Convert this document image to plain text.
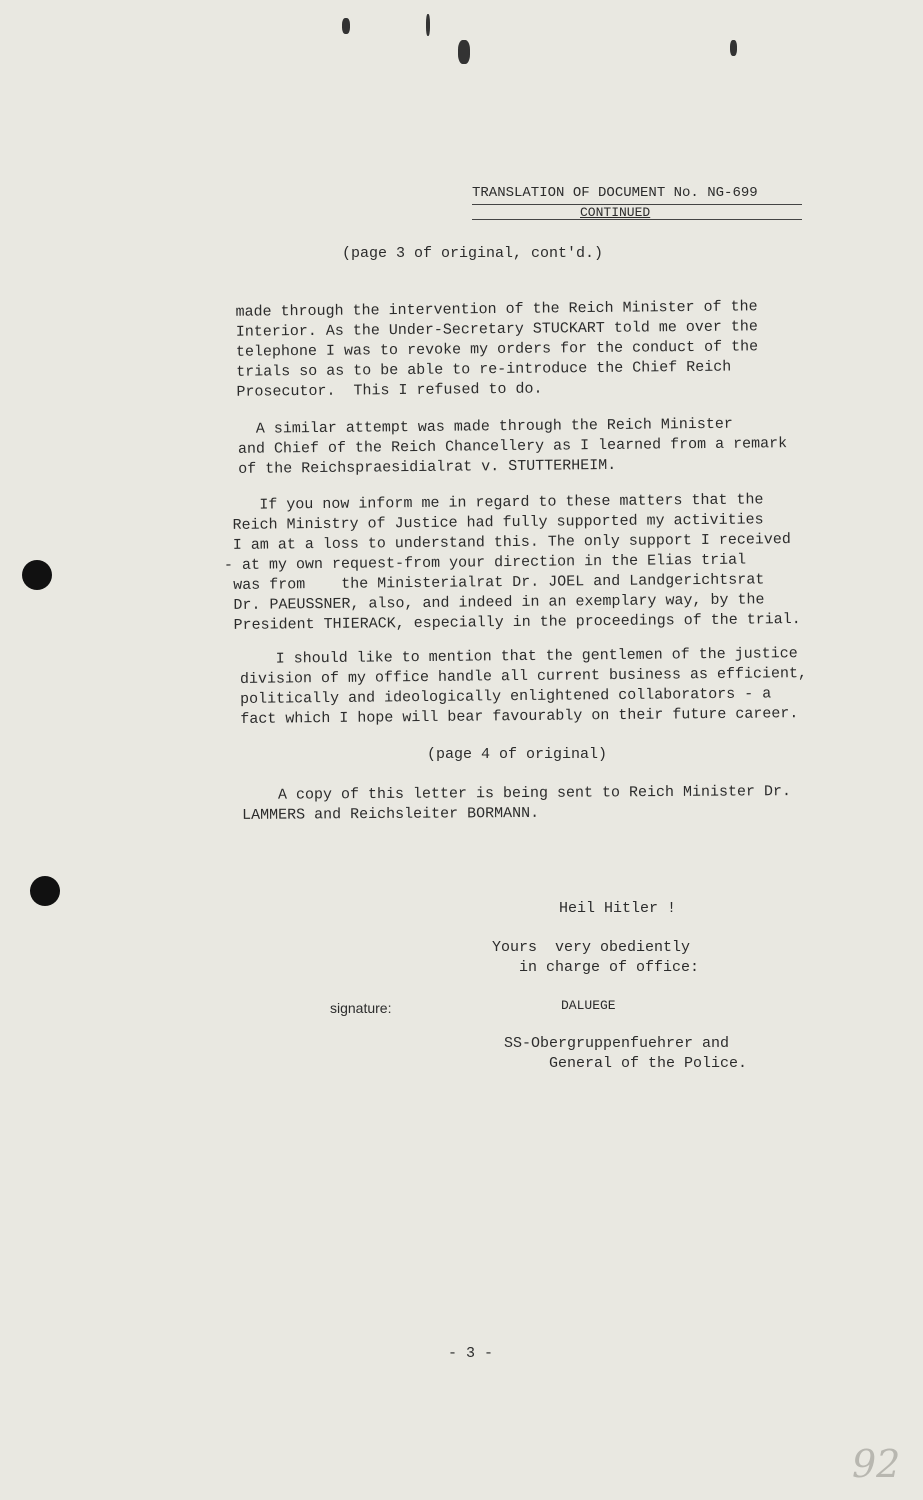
TRANSLATION OF DOCUMENT No. NG-699
CONTINUED
(page 3 of original, cont'd.)
made through the intervention of the Reich Minister of the
Interior. As the Under-Secretary STUCKART told me over the
telephone I was to revoke my orders for the conduct of the
trials so as to be able to re-introduce the Chief Reich
Prosecutor.  This I refused to do.
A similar attempt was made through the Reich Minister
and Chief of the Reich Chancellery as I learned from a remark
of the Reichspraesidialrat v. STUTTERHEIM.
If you now inform me in regard to these matters that the
Reich Ministry of Justice had fully supported my activities
I am at a loss to understand this. The only support I received
- at my own request-from your direction in the Elias trial
was from    the Ministerialrat Dr. JOEL and Landgerichtsrat
Dr. PAEUSSNER, also, and indeed in an exemplary way, by the
President THIERACK, especially in the proceedings of the trial.
I should like to mention that the gentlemen of the justice
division of my office handle all current business as efficient,
politically and ideologically enlightened collaborators - a
fact which I hope will bear favourably on their future career.
(page 4 of original)
A copy of this letter is being sent to Reich Minister Dr.
LAMMERS and Reichsleiter BORMANN.
Heil Hitler !
Yours  very obediently
in charge of office:
signature:	DALUEGE
SS-Obergruppenfuehrer and
General of the Police.
- 3 -
92
